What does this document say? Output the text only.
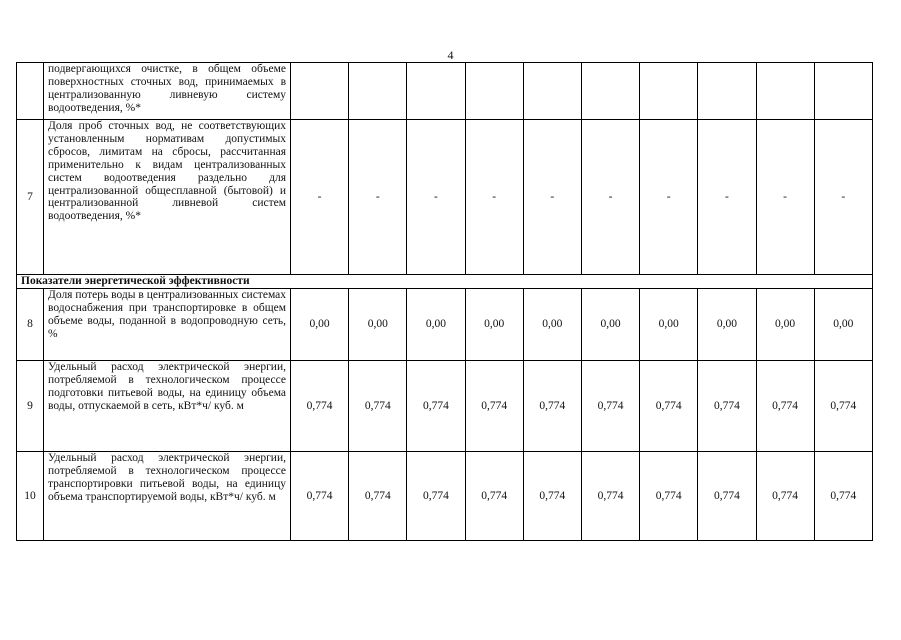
4
	подвергающихся очистке, в общем объеме поверхностных сточных вод, принимаемых в централизованную ливневую систему водоотведения, %*										
7	Доля проб сточных вод, не соответствующих установленным нормативам допустимых сбросов, лимитам на сбросы, рассчитанная применительно к видам централизованных систем водоотведения раздельно для централизованной общесплавной (бытовой) и централизованной ливневой систем водоотведения, %*	-	-	-	-	-	-	-	-	-	-
Показатели энергетической эффективности											
8	Доля потерь воды в централизованных системах водоснабжения при транспортировке в общем объеме воды, поданной в водопроводную сеть, %	0,00	0,00	0,00	0,00	0,00	0,00	0,00	0,00	0,00	0,00
9	Удельный расход электрической энергии, потребляемой в технологическом процессе подготовки питьевой воды, на единицу объема воды, отпускаемой в сеть, кВт*ч/ куб. м	0,774	0,774	0,774	0,774	0,774	0,774	0,774	0,774	0,774	0,774
10	Удельный расход электрической энергии, потребляемой в технологическом процессе транспортировки питьевой воды, на единицу объема транспортируемой воды, кВт*ч/ куб. м	0,774	0,774	0,774	0,774	0,774	0,774	0,774	0,774	0,774	0,774
